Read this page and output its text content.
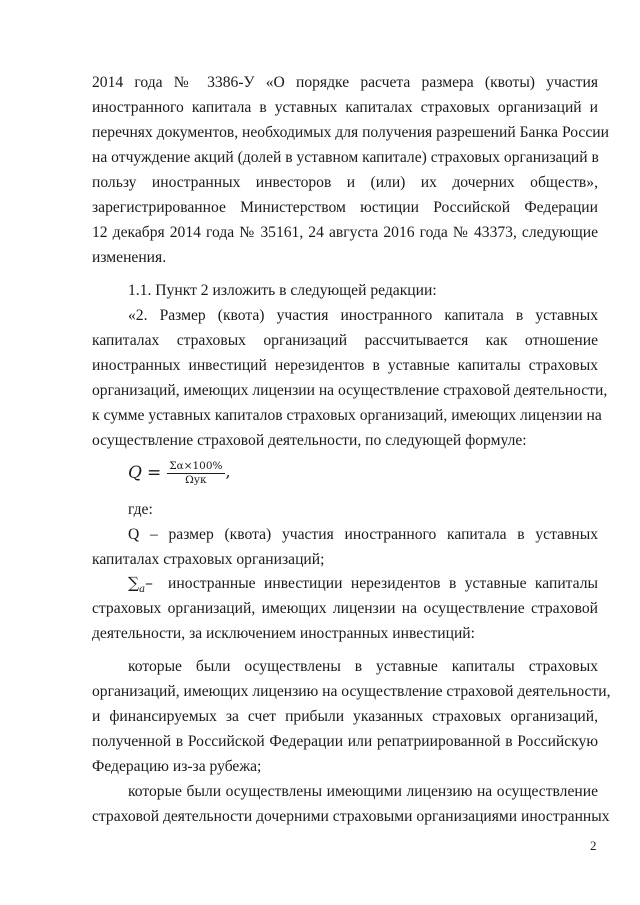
2014 года № 3386-У «О порядке расчета размера (квоты) участия
иностранного капитала в уставных капиталах страховых организаций и
перечнях документов, необходимых для получения разрешений Банка России
на отчуждение акций (долей в уставном капитале) страховых организаций в
пользу иностранных инвесторов и (или) их дочерних обществ»,
зарегистрированное Министерством юстиции Российской Федерации
12 декабря 2014 года № 35161, 24 августа 2016 года № 43373, следующие
изменения.
1.1. Пункт 2 изложить в следующей редакции:
«2. Размер (квота) участия иностранного капитала в уставных
капиталах страховых организаций рассчитывается как отношение
иностранных инвестиций нерезидентов в уставные капиталы страховых
организаций, имеющих лицензии на осуществление страховой деятельности,
к сумме уставных капиталов страховых организаций, имеющих лицензии на
осуществление страховой деятельности, по следующей формуле:
$Q = \frac{\Sigma\alpha\times 100\%}{\text{Ωук}}$ ,
где:
Q – размер (квота) участия иностранного капитала в уставных
капиталах страховых организаций;
$\sum_a-$ иностранные инвестиции нерезидентов в уставные капиталы
страховых организаций, имеющих лицензии на осуществление страховой
деятельности, за исключением иностранных инвестиций:
которые были осуществлены в уставные капиталы страховых
организаций, имеющих лицензию на осуществление страховой деятельности,
и финансируемых за счет прибыли указанных страховых организаций,
полученной в Российской Федерации или репатриированной в Российскую
Федерацию из-за рубежа;
которые были осуществлены имеющими лицензию на осуществление
страховой деятельности дочерними страховыми организациями иностранных
2
